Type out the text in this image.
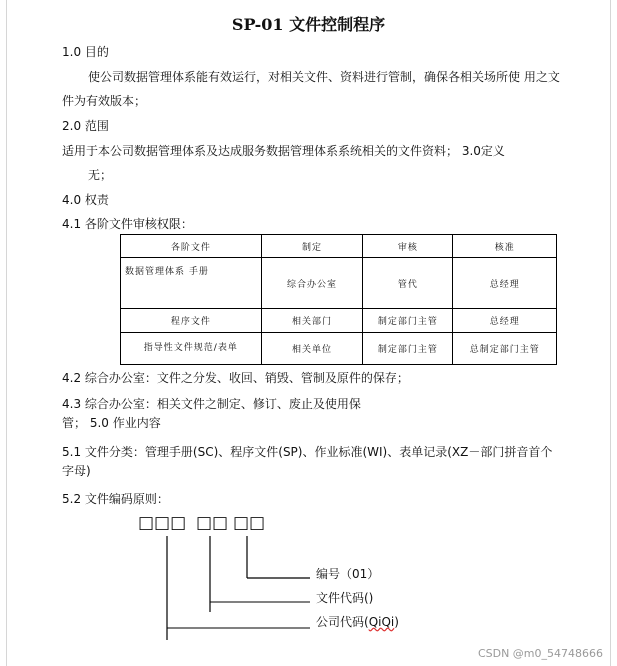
SP-01 文件控制程序
1.0 目的
使公司数据管理体系能有效运行，对相关文件、资料进行管制，确保各相关场所使 用之文
件为有效版本；
2.0 范围
适用于本公司数据管理体系及达成服务数据管理体系系统相关的文件资料； 3.0定义
无；
4.0 权责
4.1 各阶文件审核权限：
各阶文件	制定	审核	核准
数据管理体系 手册	综合办公室	管代	总经理
程序文件	相关部门	制定部门主管	总经理
指导性文件规范/表单	相关单位	制定部门主管	总制定部门主管
4.2 综合办公室：文件之分发、收回、销毁、管制及原件的保存；
4.3 综合办公室：相关文件之制定、修订、废止及使用保
管； 5.0 作业内容
5.1 文件分类：管理手册(SC)、程序文件(SP)、作业标准(WI)、表单记录(XZ－部门拼音首个
字母)
5.2 文件编码原则：
□□□ □□ □□
编号（01）
文件代码()
公司代码(QiQi)
CSDN @m0_54748666
